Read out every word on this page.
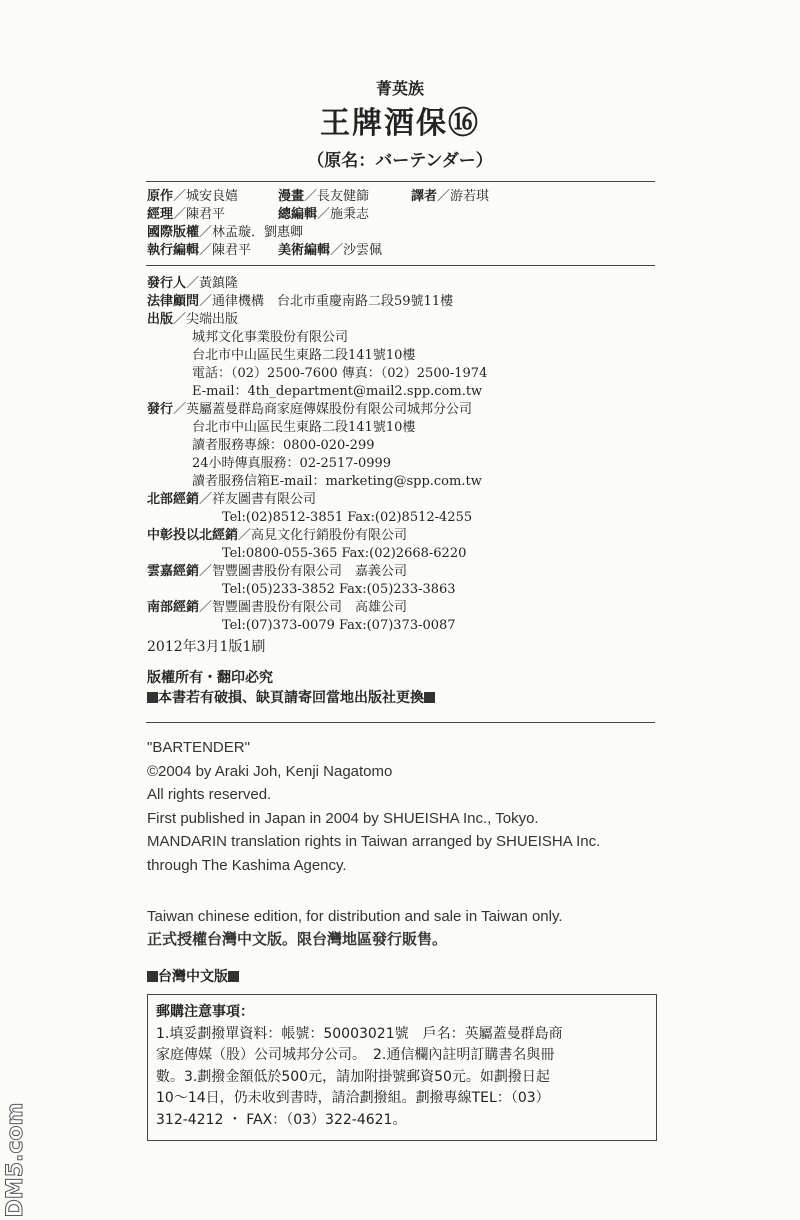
菁英族
王牌酒保⑯
（原名：バーテンダー）
原作／城安良嬉	漫畫／長友健篩	譯者／游若琪
經理／陳君平	總編輯／施秉志
國際版權／林孟璇．劉惠卿
執行編輯／陳君平 美術編輯／沙雲佩
發行人／黃鎮隆
法律顧問／通律機構　台北市重慶南路二段59號11樓
出版／尖端出版
城邦文化事業股份有限公司
台北市中山區民生東路二段141號10樓
電話：（02）2500-7600 傳真：（02）2500-1974
E-mail：4th_department@mail2.spp.com.tw
發行／英屬蓋曼群島商家庭傳媒股份有限公司城邦分公司
台北市中山區民生東路二段141號10樓
讀者服務專線：0800-020-299
24小時傳真服務：02-2517-0999
讀者服務信箱E-mail：marketing@spp.com.tw
北部經銷／祥友圖書有限公司
Tel:(02)8512-3851 Fax:(02)8512-4255
中彰投以北經銷／高見文化行銷股份有限公司
Tel:0800-055-365 Fax:(02)2668-6220
雲嘉經銷／智豐圖書股份有限公司　嘉義公司
Tel:(05)233-3852 Fax:(05)233-3863
南部經銷／智豐圖書股份有限公司　高雄公司
Tel:(07)373-0079 Fax:(07)373-0087
2012年3月1版1刷
版權所有・翻印必究
本書若有破損、缺頁請寄回當地出版社更換
"BARTENDER"
©2004 by Araki Joh, Kenji Nagatomo
All rights reserved.
First published in Japan in 2004 by SHUEISHA Inc., Tokyo.
MANDARIN translation rights in Taiwan arranged by SHUEISHA Inc.
through The Kashima Agency.
Taiwan chinese edition, for distribution and sale in Taiwan only.
正式授權台灣中文版。限台灣地區發行販售。
台灣中文版
郵購注意事項：
1.填妥劃撥單資料：帳號：50003021號　戶名：英屬蓋曼群島商
家庭傳媒（股）公司城邦分公司。　2.通信欄內註明訂購書名與冊
數。3.劃撥金額低於500元，請加附掛號郵資50元。如劃撥日起
10～14日，仍未收到書時，請洽劃撥組。劃撥專線TEL：（03）
312-4212 ・ FAX：（03）322-4621。
DM5.com
